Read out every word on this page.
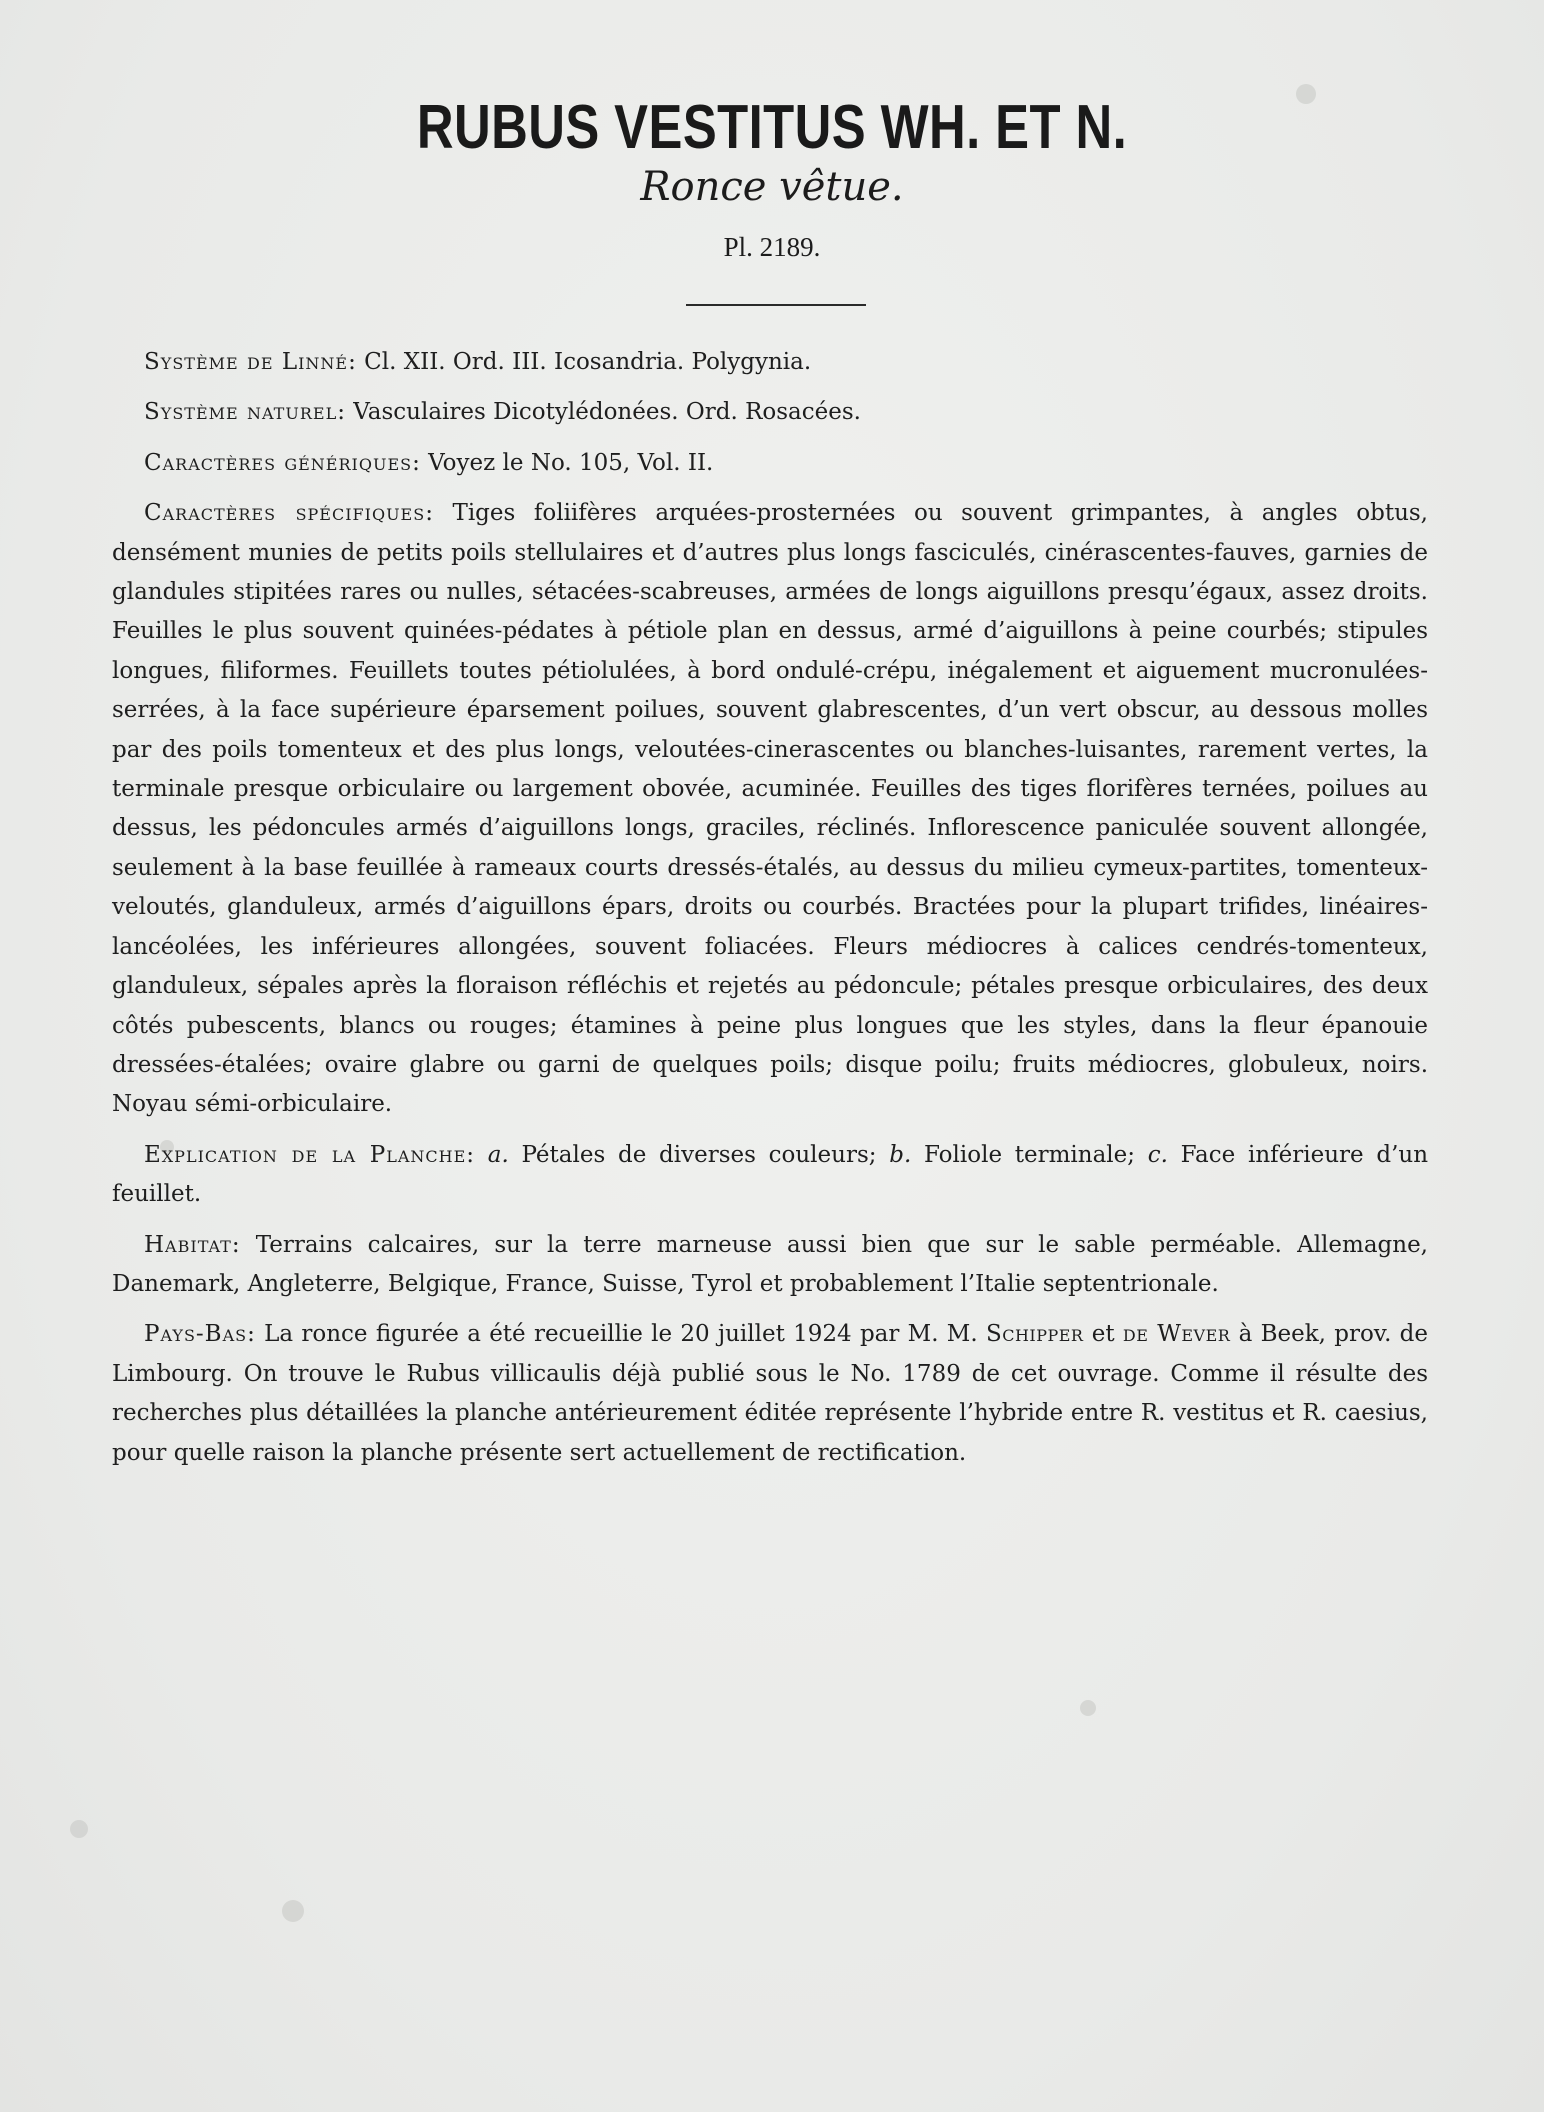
RUBUS VESTITUS WH. ET N.
Ronce vêtue.
Pl. 2189.

Système de Linné: Cl. XII. Ord. III. Icosandria. Polygynia.

Système naturel: Vasculaires Dicotylédonées. Ord. Rosacées.

Caractères génériques: Voyez le No. 105, Vol. II.

Caractères spécifiques: Tiges foliifères arquées-prosternées ou souvent grimpantes, à angles obtus, densément munies de petits poils stellulaires et d’autres plus longs fasciculés, cinérascentes-fauves, garnies de glandules stipitées rares ou nulles, sétacées-scabreuses, armées de longs aiguillons presqu’égaux, assez droits. Feuilles le plus souvent quinées-pédates à pétiole plan en dessus, armé d’aiguillons à peine courbés; stipules longues, filiformes. Feuillets toutes pétiolulées, à bord ondulé-crépu, inégalement et aiguement mucronulées-serrées, à la face supérieure éparsement poilues, souvent glabrescentes, d’un vert obscur, au dessous molles par des poils tomenteux et des plus longs, veloutées-cinerascentes ou blanches-luisantes, rarement vertes, la terminale presque orbiculaire ou largement obovée, acuminée. Feuilles des tiges florifères ternées, poilues au dessus, les pédoncules armés d’aiguillons longs, graciles, réclinés. Inflorescence paniculée souvent allongée, seulement à la base feuillée à rameaux courts dressés-étalés, au dessus du milieu cymeux-partites, tomenteux-veloutés, glanduleux, armés d’aiguillons épars, droits ou courbés. Bractées pour la plupart trifides, linéaires-lancéolées, les inférieures allongées, souvent foliacées. Fleurs médiocres à calices cendrés-tomenteux, glanduleux, sépales après la floraison réfléchis et rejetés au pédoncule; pétales presque orbiculaires, des deux côtés pubescents, blancs ou rouges; étamines à peine plus longues que les styles, dans la fleur épanouie dressées-étalées; ovaire glabre ou garni de quelques poils; disque poilu; fruits médiocres, globuleux, noirs. Noyau sémi-orbiculaire.

Explication de la Planche: a. Pétales de diverses couleurs; b. Foliole terminale; c. Face inférieure d’un feuillet.

Habitat: Terrains calcaires, sur la terre marneuse aussi bien que sur le sable perméable. Allemagne, Danemark, Angleterre, Belgique, France, Suisse, Tyrol et probablement l’Italie septentrionale.

Pays-Bas: La ronce figurée a été recueillie le 20 juillet 1924 par M. M. Schipper et de Wever à Beek, prov. de Limbourg. On trouve le Rubus villicaulis déjà publié sous le No. 1789 de cet ouvrage. Comme il résulte des recherches plus détaillées la planche antérieurement éditée représente l’hybride entre R. vestitus et R. caesius, pour quelle raison la planche présente sert actuellement de rectification.
